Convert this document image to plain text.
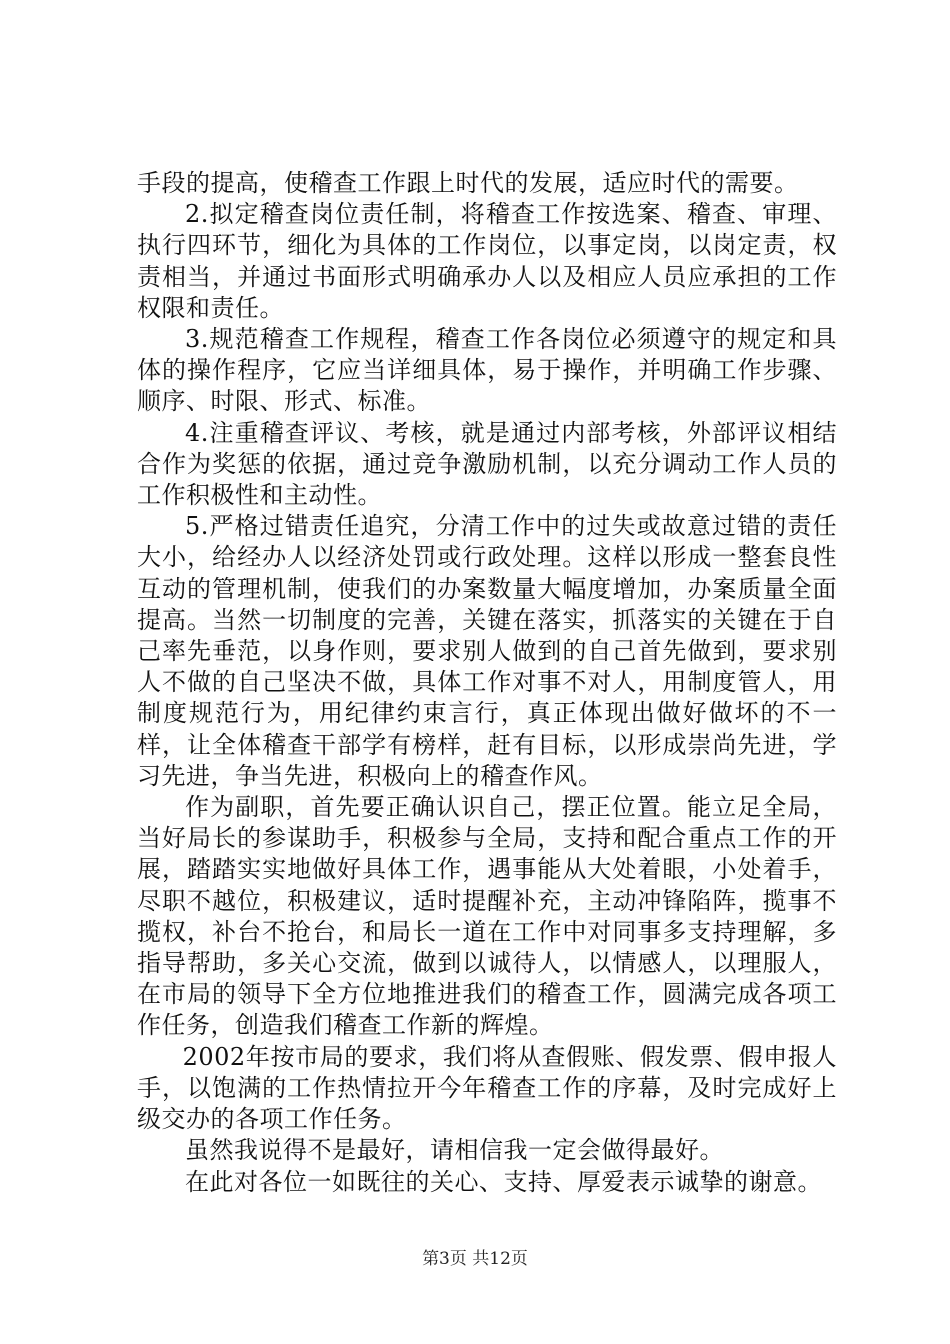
手段的提高，使稽查工作跟上时代的发展，适应时代的需要。

2.拟定稽查岗位责任制，将稽查工作按选案、稽查、审理、执行四环节，细化为具体的工作岗位，以事定岗，以岗定责，权责相当，并通过书面形式明确承办人以及相应人员应承担的工作权限和责任。

3.规范稽查工作规程，稽查工作各岗位必须遵守的规定和具体的操作程序，它应当详细具体，易于操作，并明确工作步骤、顺序、时限、形式、标准。

4.注重稽查评议、考核，就是通过内部考核，外部评议相结合作为奖惩的依据，通过竞争激励机制，以充分调动工作人员的工作积极性和主动性。

5.严格过错责任追究，分清工作中的过失或故意过错的责任大小，给经办人以经济处罚或行政处理。这样以形成一整套良性互动的管理机制，使我们的办案数量大幅度增加，办案质量全面提高。当然一切制度的完善，关键在落实，抓落实的关键在于自己率先垂范，以身作则，要求别人做到的自己首先做到，要求别人不做的自己坚决不做，具体工作对事不对人，用制度管人，用制度规范行为，用纪律约束言行，真正体现出做好做坏的不一样，让全体稽查干部学有榜样，赶有目标，以形成崇尚先进，学习先进，争当先进，积极向上的稽查作风。

作为副职，首先要正确认识自己，摆正位置。能立足全局，当好局长的参谋助手，积极参与全局，支持和配合重点工作的开展，踏踏实实地做好具体工作，遇事能从大处着眼，小处着手，尽职不越位，积极建议，适时提醒补充，主动冲锋陷阵，揽事不揽权，补台不抢台，和局长一道在工作中对同事多支持理解，多指导帮助，多关心交流，做到以诚待人，以情感人，以理服人，在市局的领导下全方位地推进我们的稽查工作，圆满完成各项工作任务，创造我们稽查工作新的辉煌。

2002年按市局的要求，我们将从查假账、假发票、假申报人手，以饱满的工作热情拉开今年稽查工作的序幕，及时完成好上级交办的各项工作任务。

虽然我说得不是最好，请相信我一定会做得最好。

在此对各位一如既往的关心、支持、厚爱表示诚挚的谢意。

第3页 共12页
